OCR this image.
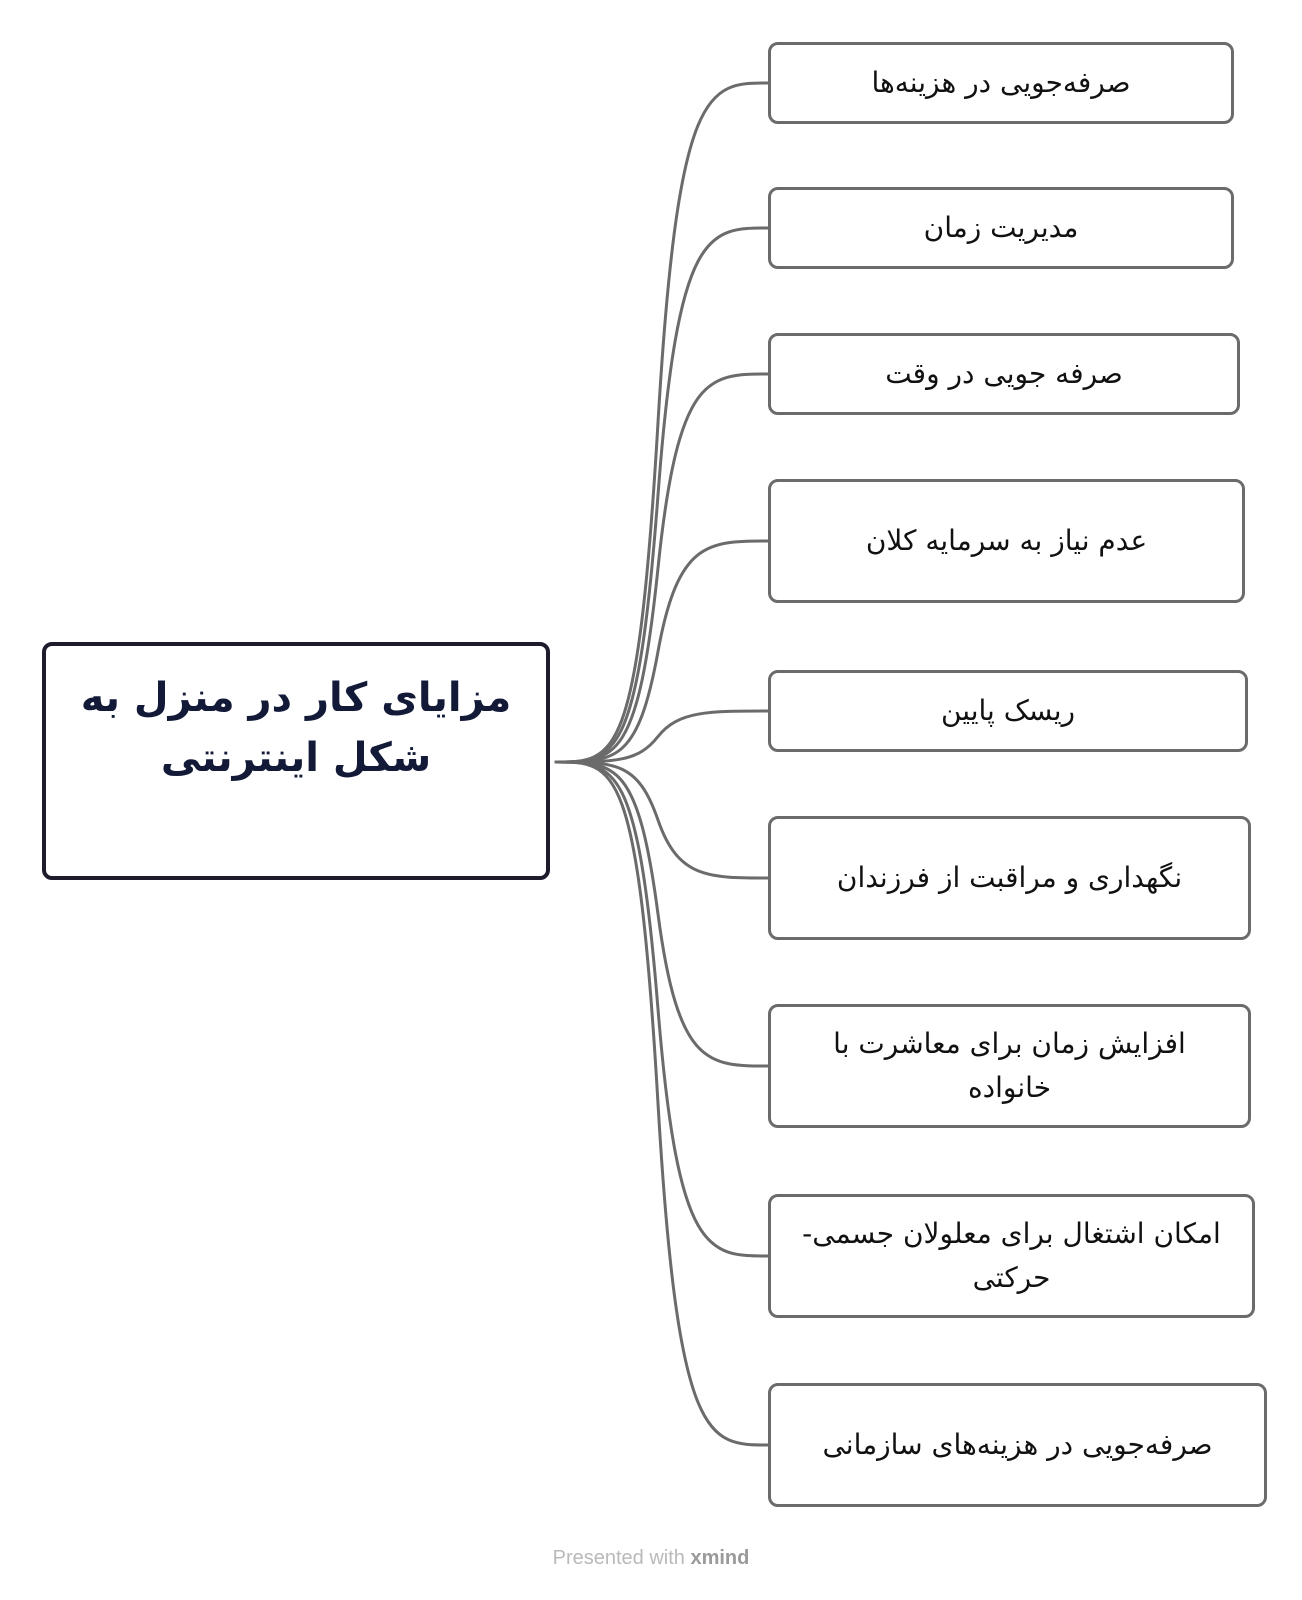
مزایای کار در منزل به شکل اینترنتی
صرفه‌جویی در هزینه‌ها
مدیریت زمان
صرفه جویی در وقت
عدم نیاز به سرمایه کلان
ریسک پایین
نگهداری و مراقبت از فرزندان
افزایش زمان برای معاشرت با خانواده
امکان اشتغال برای معلولان جسمی-حرکتی
صرفه‌جویی در هزینه‌های سازمانی
Presented with xmind
